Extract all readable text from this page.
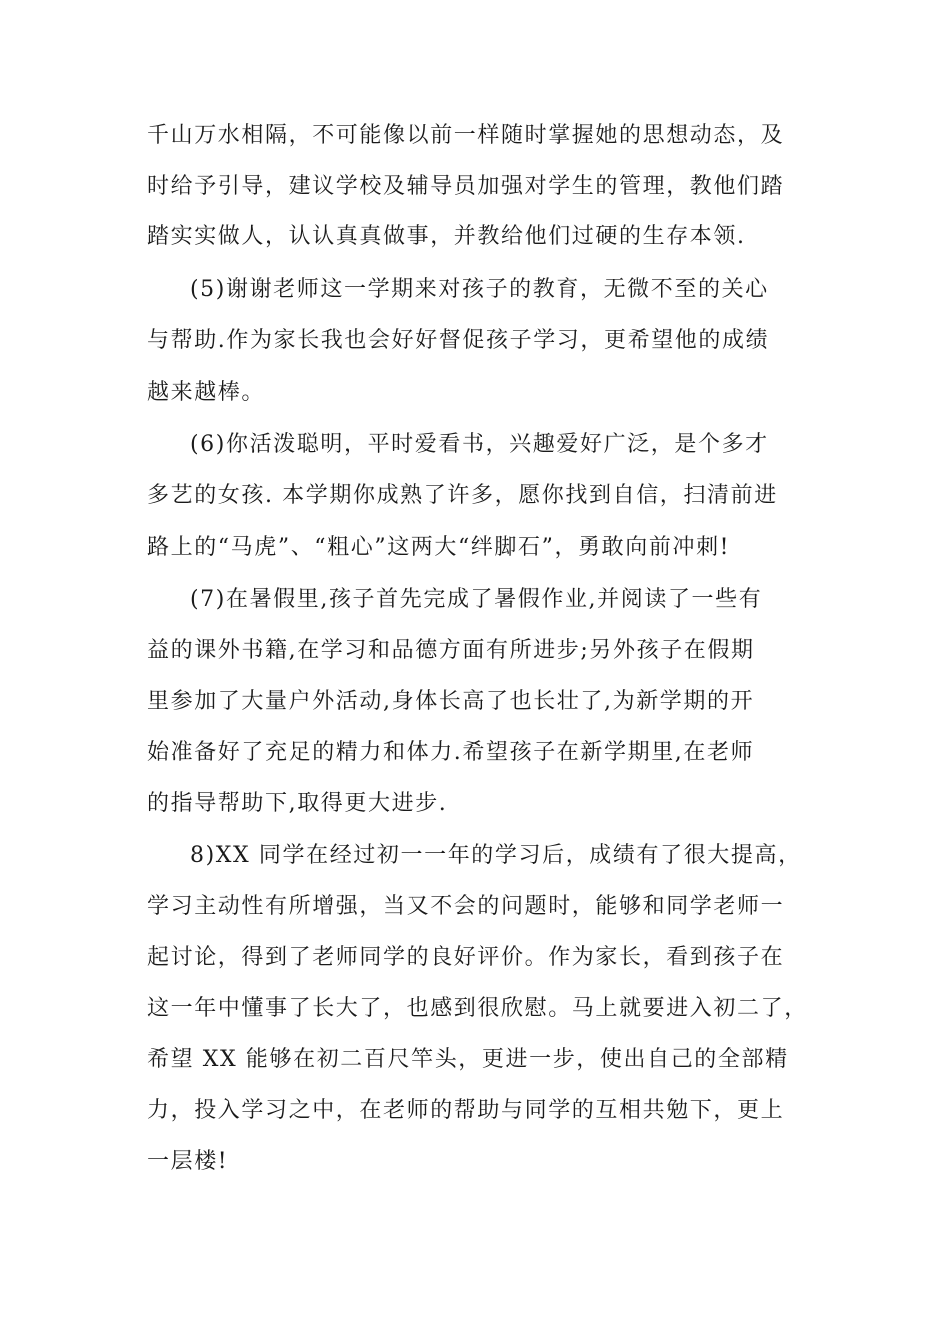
千山万水相隔，不可能像以前一样随时掌握她的思想动态，及
时给予引导，建议学校及辅导员加强对学生的管理，教他们踏
踏实实做人，认认真真做事，并教给他们过硬的生存本领.
(5)谢谢老师这一学期来对孩子的教育，无微不至的关心
与帮助.作为家长我也会好好督促孩子学习，更希望他的成绩
越来越棒。
(6)你活泼聪明，平时爱看书，兴趣爱好广泛，是个多才
多艺的女孩. 本学期你成熟了许多，愿你找到自信，扫清前进
路上的“马虎”、“粗心”这两大“绊脚石”，勇敢向前冲刺!
(7)在暑假里,孩子首先完成了暑假作业,并阅读了一些有
益的课外书籍,在学习和品德方面有所进步;另外孩子在假期
里参加了大量户外活动,身体长高了也长壮了,为新学期的开
始准备好了充足的精力和体力.希望孩子在新学期里,在老师
的指导帮助下,取得更大进步.
8)XX 同学在经过初一一年的学习后，成绩有了很大提高，
学习主动性有所增强，当又不会的问题时，能够和同学老师一
起讨论，得到了老师同学的良好评价。作为家长，看到孩子在
这一年中懂事了长大了，也感到很欣慰。马上就要进入初二了，
希望 XX 能够在初二百尺竿头，更进一步，使出自己的全部精
力，投入学习之中，在老师的帮助与同学的互相共勉下，更上
一层楼!
